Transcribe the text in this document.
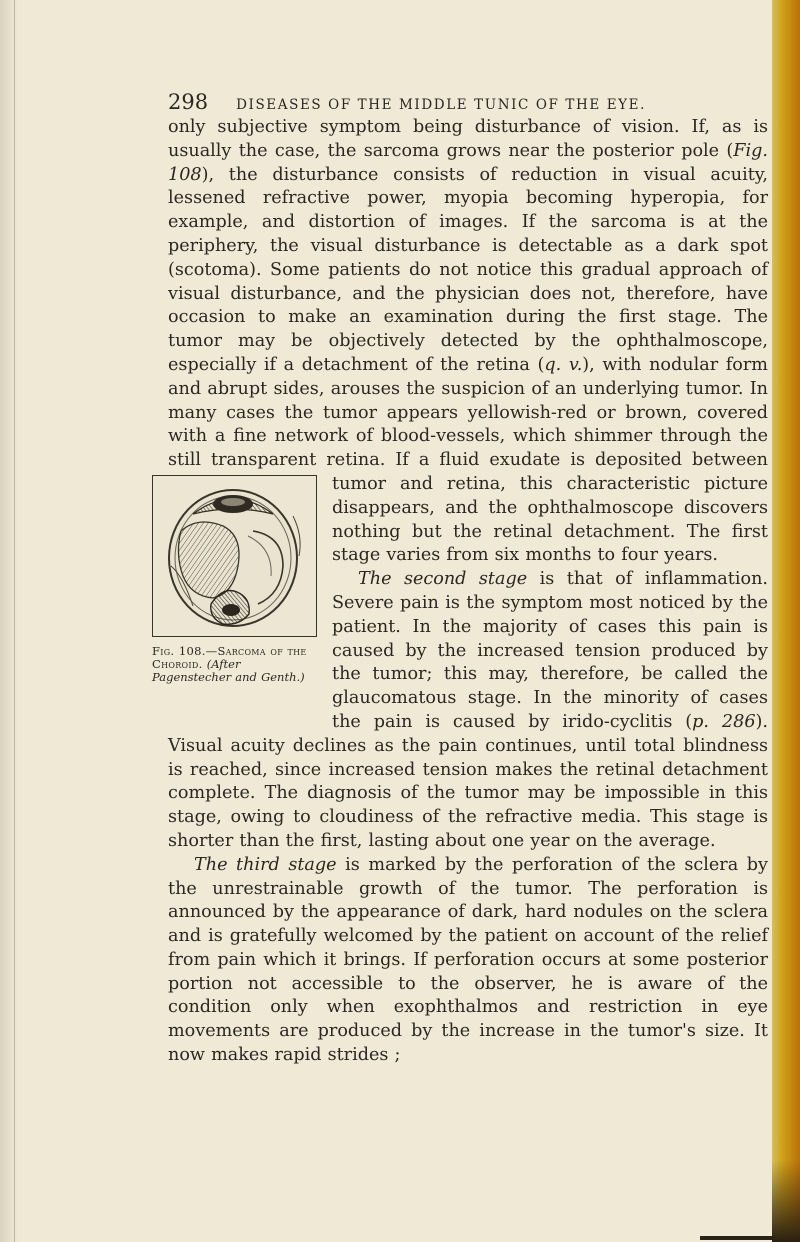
298 DISEASES OF THE MIDDLE TUNIC OF THE EYE.

only subjective symptom being disturbance of vision. If, as is usually the case, the sarcoma grows near the posterior pole (Fig. 108), the disturbance consists of reduction in visual acuity, lessened refractive power, myopia becoming hyperopia, for example, and distortion of images. If the sarcoma is at the periphery, the visual disturbance is detectable as a dark spot (scotoma). Some patients do not notice this gradual approach of visual disturbance, and the physician does not, therefore, have occasion to make an examination during the first stage. The tumor may be objectively detected by the ophthalmoscope, especially if a detachment of the retina (q. v.), with nodular form and abrupt sides, arouses the suspicion of an underlying tumor. In many cases the tumor appears yellowish-red or brown, covered with a fine network of blood-vessels, which shimmer through the still transparent retina. If a fluid exudate is deposited
Fig. 108.—Sarcoma of the Choroid. (After Pagenstecher and Genth.)
between tumor and retina, this characteristic picture disappears, and the ophthalmoscope discovers nothing but the retinal detachment. The first stage varies from six months to four years.

The second stage is that of inflammation. Severe pain is the symptom most noticed by the patient. In the majority of cases this pain is caused by the increased tension produced by the tumor; this may, therefore, be called the glaucomatous stage. In the minority of cases the pain is caused by irido-cyclitis (p. 286). Visual acuity declines as the pain continues, until total blindness is reached, since increased tension makes the retinal detachment complete. The diagnosis of the tumor may be impossible in this stage, owing to cloudiness of the refractive media. This stage is shorter than the first, lasting about one year on the average.

The third stage is marked by the perforation of the sclera by the unrestrainable growth of the tumor. The perforation is announced by the appearance of dark, hard nodules on the sclera and is gratefully welcomed by the patient on account of the relief from pain which it brings. If perforation occurs at some posterior portion not accessible to the observer, he is aware of the condition only when exophthalmos and restriction in eye movements are produced by the increase in the tumor's size. It now makes rapid strides ;
